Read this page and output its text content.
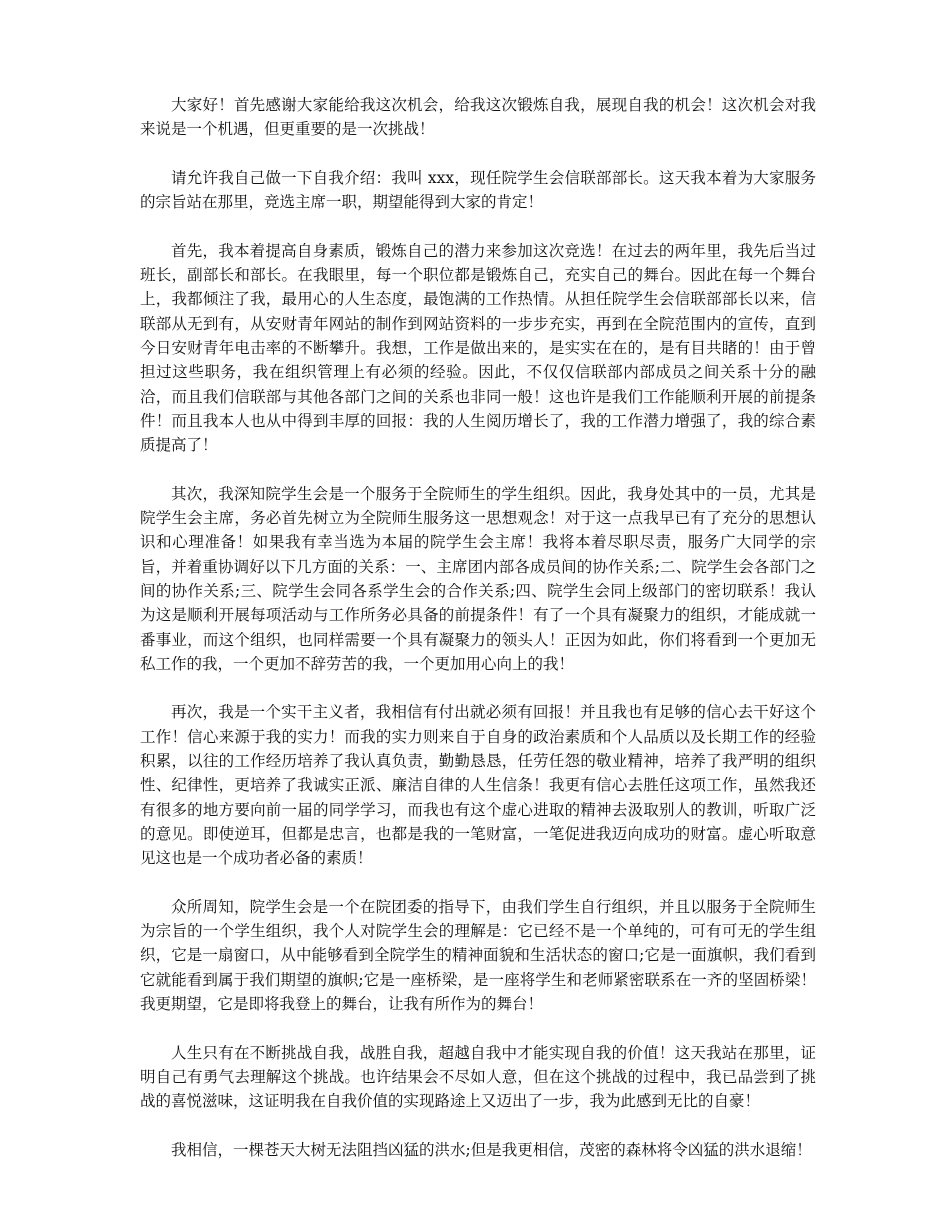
大家好！首先感谢大家能给我这次机会，给我这次锻炼自我，展现自我的机会！这次机会对我来说是一个机遇，但更重要的是一次挑战！

请允许我自己做一下自我介绍：我叫 xxx，现任院学生会信联部部长。这天我本着为大家服务的宗旨站在那里，竞选主席一职，期望能得到大家的肯定！

首先，我本着提高自身素质，锻炼自己的潜力来参加这次竞选！在过去的两年里，我先后当过班长，副部长和部长。在我眼里，每一个职位都是锻炼自己，充实自己的舞台。因此在每一个舞台上，我都倾注了我，最用心的人生态度，最饱满的工作热情。从担任院学生会信联部部长以来，信联部从无到有，从安财青年网站的制作到网站资料的一步步充实，再到在全院范围内的宣传，直到今日安财青年电击率的不断攀升。我想，工作是做出来的，是实实在在的，是有目共睹的！由于曾担过这些职务，我在组织管理上有必须的经验。因此，不仅仅信联部内部成员之间关系十分的融洽，而且我们信联部与其他各部门之间的关系也非同一般！这也许是我们工作能顺利开展的前提条件！而且我本人也从中得到丰厚的回报：我的人生阅历增长了，我的工作潜力增强了，我的综合素质提高了！

其次，我深知院学生会是一个服务于全院师生的学生组织。因此，我身处其中的一员，尤其是院学生会主席，务必首先树立为全院师生服务这一思想观念！对于这一点我早已有了充分的思想认识和心理准备！如果我有幸当选为本届的院学生会主席！我将本着尽职尽责，服务广大同学的宗旨，并着重协调好以下几方面的关系：一、主席团内部各成员间的协作关系;二、院学生会各部门之间的协作关系;三、院学生会同各系学生会的合作关系;四、院学生会同上级部门的密切联系！我认为这是顺利开展每项活动与工作所务必具备的前提条件！有了一个具有凝聚力的组织，才能成就一番事业，而这个组织，也同样需要一个具有凝聚力的领头人！正因为如此，你们将看到一个更加无私工作的我，一个更加不辞劳苦的我，一个更加用心向上的我！

再次，我是一个实干主义者，我相信有付出就必须有回报！并且我也有足够的信心去干好这个工作！信心来源于我的实力！而我的实力则来自于自身的政治素质和个人品质以及长期工作的经验积累，以往的工作经历培养了我认真负责，勤勤恳恳，任劳任怨的敬业精神，培养了我严明的组织性、纪律性，更培养了我诚实正派、廉洁自律的人生信条！我更有信心去胜任这项工作，虽然我还有很多的地方要向前一届的同学学习，而我也有这个虚心进取的精神去汲取别人的教训，听取广泛的意见。即使逆耳，但都是忠言，也都是我的一笔财富，一笔促进我迈向成功的财富。虚心听取意见这也是一个成功者必备的素质！

众所周知，院学生会是一个在院团委的指导下，由我们学生自行组织，并且以服务于全院师生为宗旨的一个学生组织，我个人对院学生会的理解是：它已经不是一个单纯的，可有可无的学生组织，它是一扇窗口，从中能够看到全院学生的精神面貌和生活状态的窗口;它是一面旗帜，我们看到它就能看到属于我们期望的旗帜;它是一座桥梁，是一座将学生和老师紧密联系在一齐的坚固桥梁！我更期望，它是即将我登上的舞台，让我有所作为的舞台！

人生只有在不断挑战自我，战胜自我，超越自我中才能实现自我的价值！这天我站在那里，证明自己有勇气去理解这个挑战。也许结果会不尽如人意，但在这个挑战的过程中，我已品尝到了挑战的喜悦滋味，这证明我在自我价值的实现路途上又迈出了一步，我为此感到无比的自豪！

我相信，一棵苍天大树无法阻挡凶猛的洪水;但是我更相信，茂密的森林将令凶猛的洪水退缩！
